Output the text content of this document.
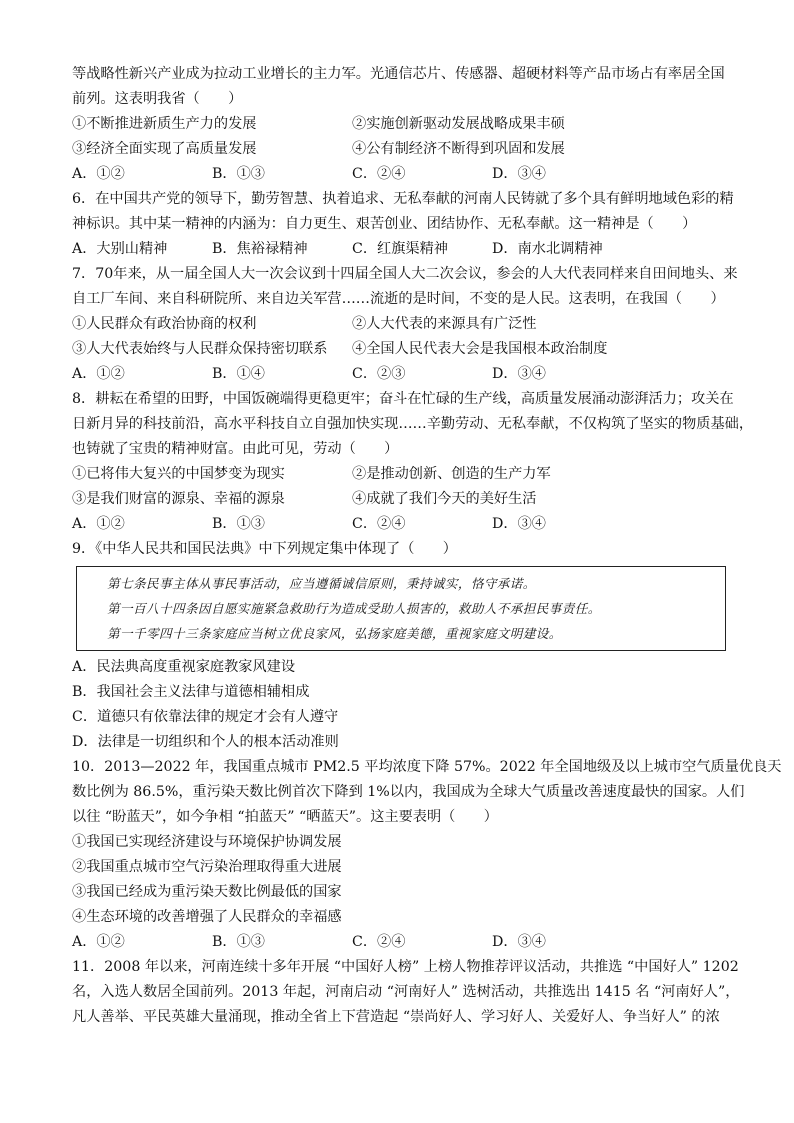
等战略性新兴产业成为拉动工业增长的主力军。光通信芯片、传感器、超硬材料等产品市场占有率居全国
前列。这表明我省（　　）
①不断推进新质生产力的发展	②实施创新驱动发展战略成果丰硕
③经济全面实现了高质量发展	④公有制经济不断得到巩固和发展
A．①②	B．①③	C．②④	D．③④
6．在中国共产党的领导下，勤劳智慧、执着追求、无私奉献的河南人民铸就了多个具有鲜明地域色彩的精
神标识。其中某一精神的内涵为：自力更生、艰苦创业、团结协作、无私奉献。这一精神是（　　）
A．大别山精神	B．焦裕禄精神	C．红旗渠精神	D．南水北调精神
7．70年来，从一届全国人大一次会议到十四届全国人大二次会议，参会的人大代表同样来自田间地头、来
自工厂车间、来自科研院所、来自边关军营……流逝的是时间，不变的是人民。这表明，在我国（　　）
①人民群众有政治协商的权利	②人大代表的来源具有广泛性
③人大代表始终与人民群众保持密切联系	④全国人民代表大会是我国根本政治制度
A．①②	B．①④	C．②③	D．③④
8．耕耘在希望的田野，中国饭碗端得更稳更牢；奋斗在忙碌的生产线，高质量发展涌动澎湃活力；攻关在
日新月异的科技前沿，高水平科技自立自强加快实现……辛勤劳动、无私奉献，不仅构筑了坚实的物质基础，
也铸就了宝贵的精神财富。由此可见，劳动（　　）
①已将伟大复兴的中国梦变为现实	②是推动创新、创造的生产力军
③是我们财富的源泉、幸福的源泉	④成就了我们今天的美好生活
A．①②	B．①③	C．②④	D．③④
9．《中华人民共和国民法典》中下列规定集中体现了（　　）
第七条民事主体从事民事活动，应当遵循诚信原则，秉持诚实，恪守承诺。
第一百八十四条因自愿实施紧急救助行为造成受助人损害的，救助人不承担民事责任。
第一千零四十三条家庭应当树立优良家风，弘扬家庭美德，重视家庭文明建设。
A．民法典高度重视家庭教家风建设
B．我国社会主义法律与道德相辅相成
C．道德只有依靠法律的规定才会有人遵守
D．法律是一切组织和个人的根本活动准则
10．2013—2022 年，我国重点城市 PM2.5 平均浓度下降 57%。2022 年全国地级及以上城市空气质量优良天
数比例为 86.5%，重污染天数比例首次下降到 1%以内，我国成为全球大气质量改善速度最快的国家。人们
以往 “盼蓝天”，如今争相 “拍蓝天” “晒蓝天”。这主要表明（　　）
①我国已实现经济建设与环境保护协调发展
②我国重点城市空气污染治理取得重大进展
③我国已经成为重污染天数比例最低的国家
④生态环境的改善增强了人民群众的幸福感
A．①②	B．①③	C．②④	D．③④
11．2008 年以来，河南连续十多年开展 “中国好人榜” 上榜人物推荐评议活动，共推选 “中国好人” 1202
名，入选人数居全国前列。2013 年起，河南启动 “河南好人” 选树活动，共推选出 1415 名 “河南好人”，
凡人善举、平民英雄大量涌现，推动全省上下营造起 “崇尚好人、学习好人、关爱好人、争当好人” 的浓
